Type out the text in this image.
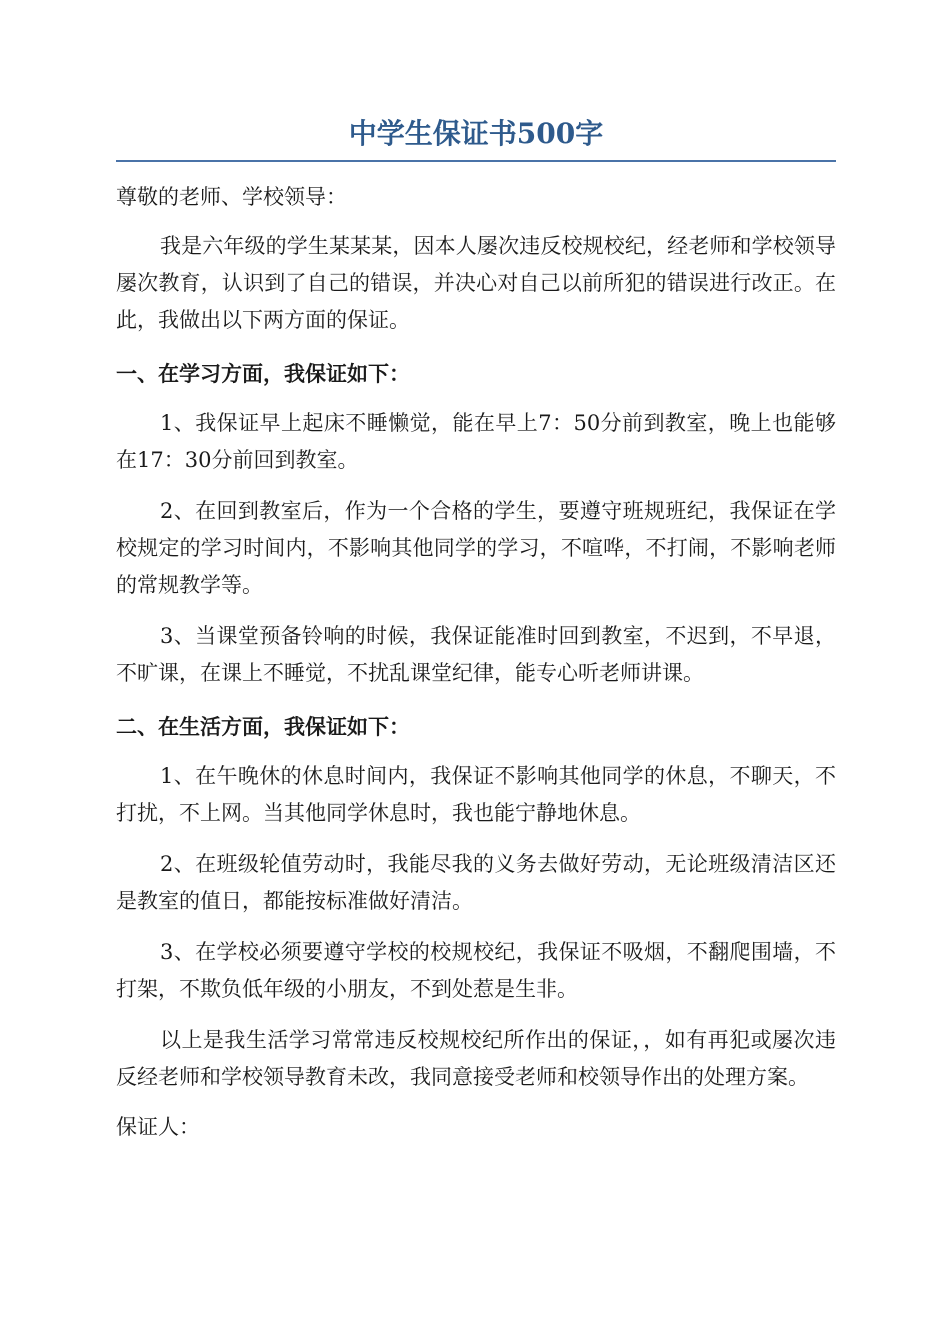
中学生保证书500字
尊敬的老师、学校领导：

我是六年级的学生某某某，因本人屡次违反校规校纪，经老师和学校领导屡次教育，认识到了自己的错误，并决心对自己以前所犯的错误进行改正。在此，我做出以下两方面的保证。

一、在学习方面，我保证如下：

1、我保证早上起床不睡懒觉，能在早上7：50分前到教室，晚上也能够在17：30分前回到教室。

2、在回到教室后，作为一个合格的学生，要遵守班规班纪，我保证在学校规定的学习时间内，不影响其他同学的学习，不喧哗，不打闹，不影响老师的常规教学等。

3、当课堂预备铃响的时候，我保证能准时回到教室，不迟到，不早退，不旷课，在课上不睡觉，不扰乱课堂纪律，能专心听老师讲课。

二、在生活方面，我保证如下：

1、在午晚休的休息时间内，我保证不影响其他同学的休息，不聊天，不打扰，不上网。当其他同学休息时，我也能宁静地休息。

2、在班级轮值劳动时，我能尽我的义务去做好劳动，无论班级清洁区还是教室的值日，都能按标准做好清洁。

3、在学校必须要遵守学校的校规校纪，我保证不吸烟，不翻爬围墙，不打架，不欺负低年级的小朋友，不到处惹是生非。

以上是我生活学习常常违反校规校纪所作出的保证，，如有再犯或屡次违反经老师和学校领导教育未改，我同意接受老师和校领导作出的处理方案。

保证人：
